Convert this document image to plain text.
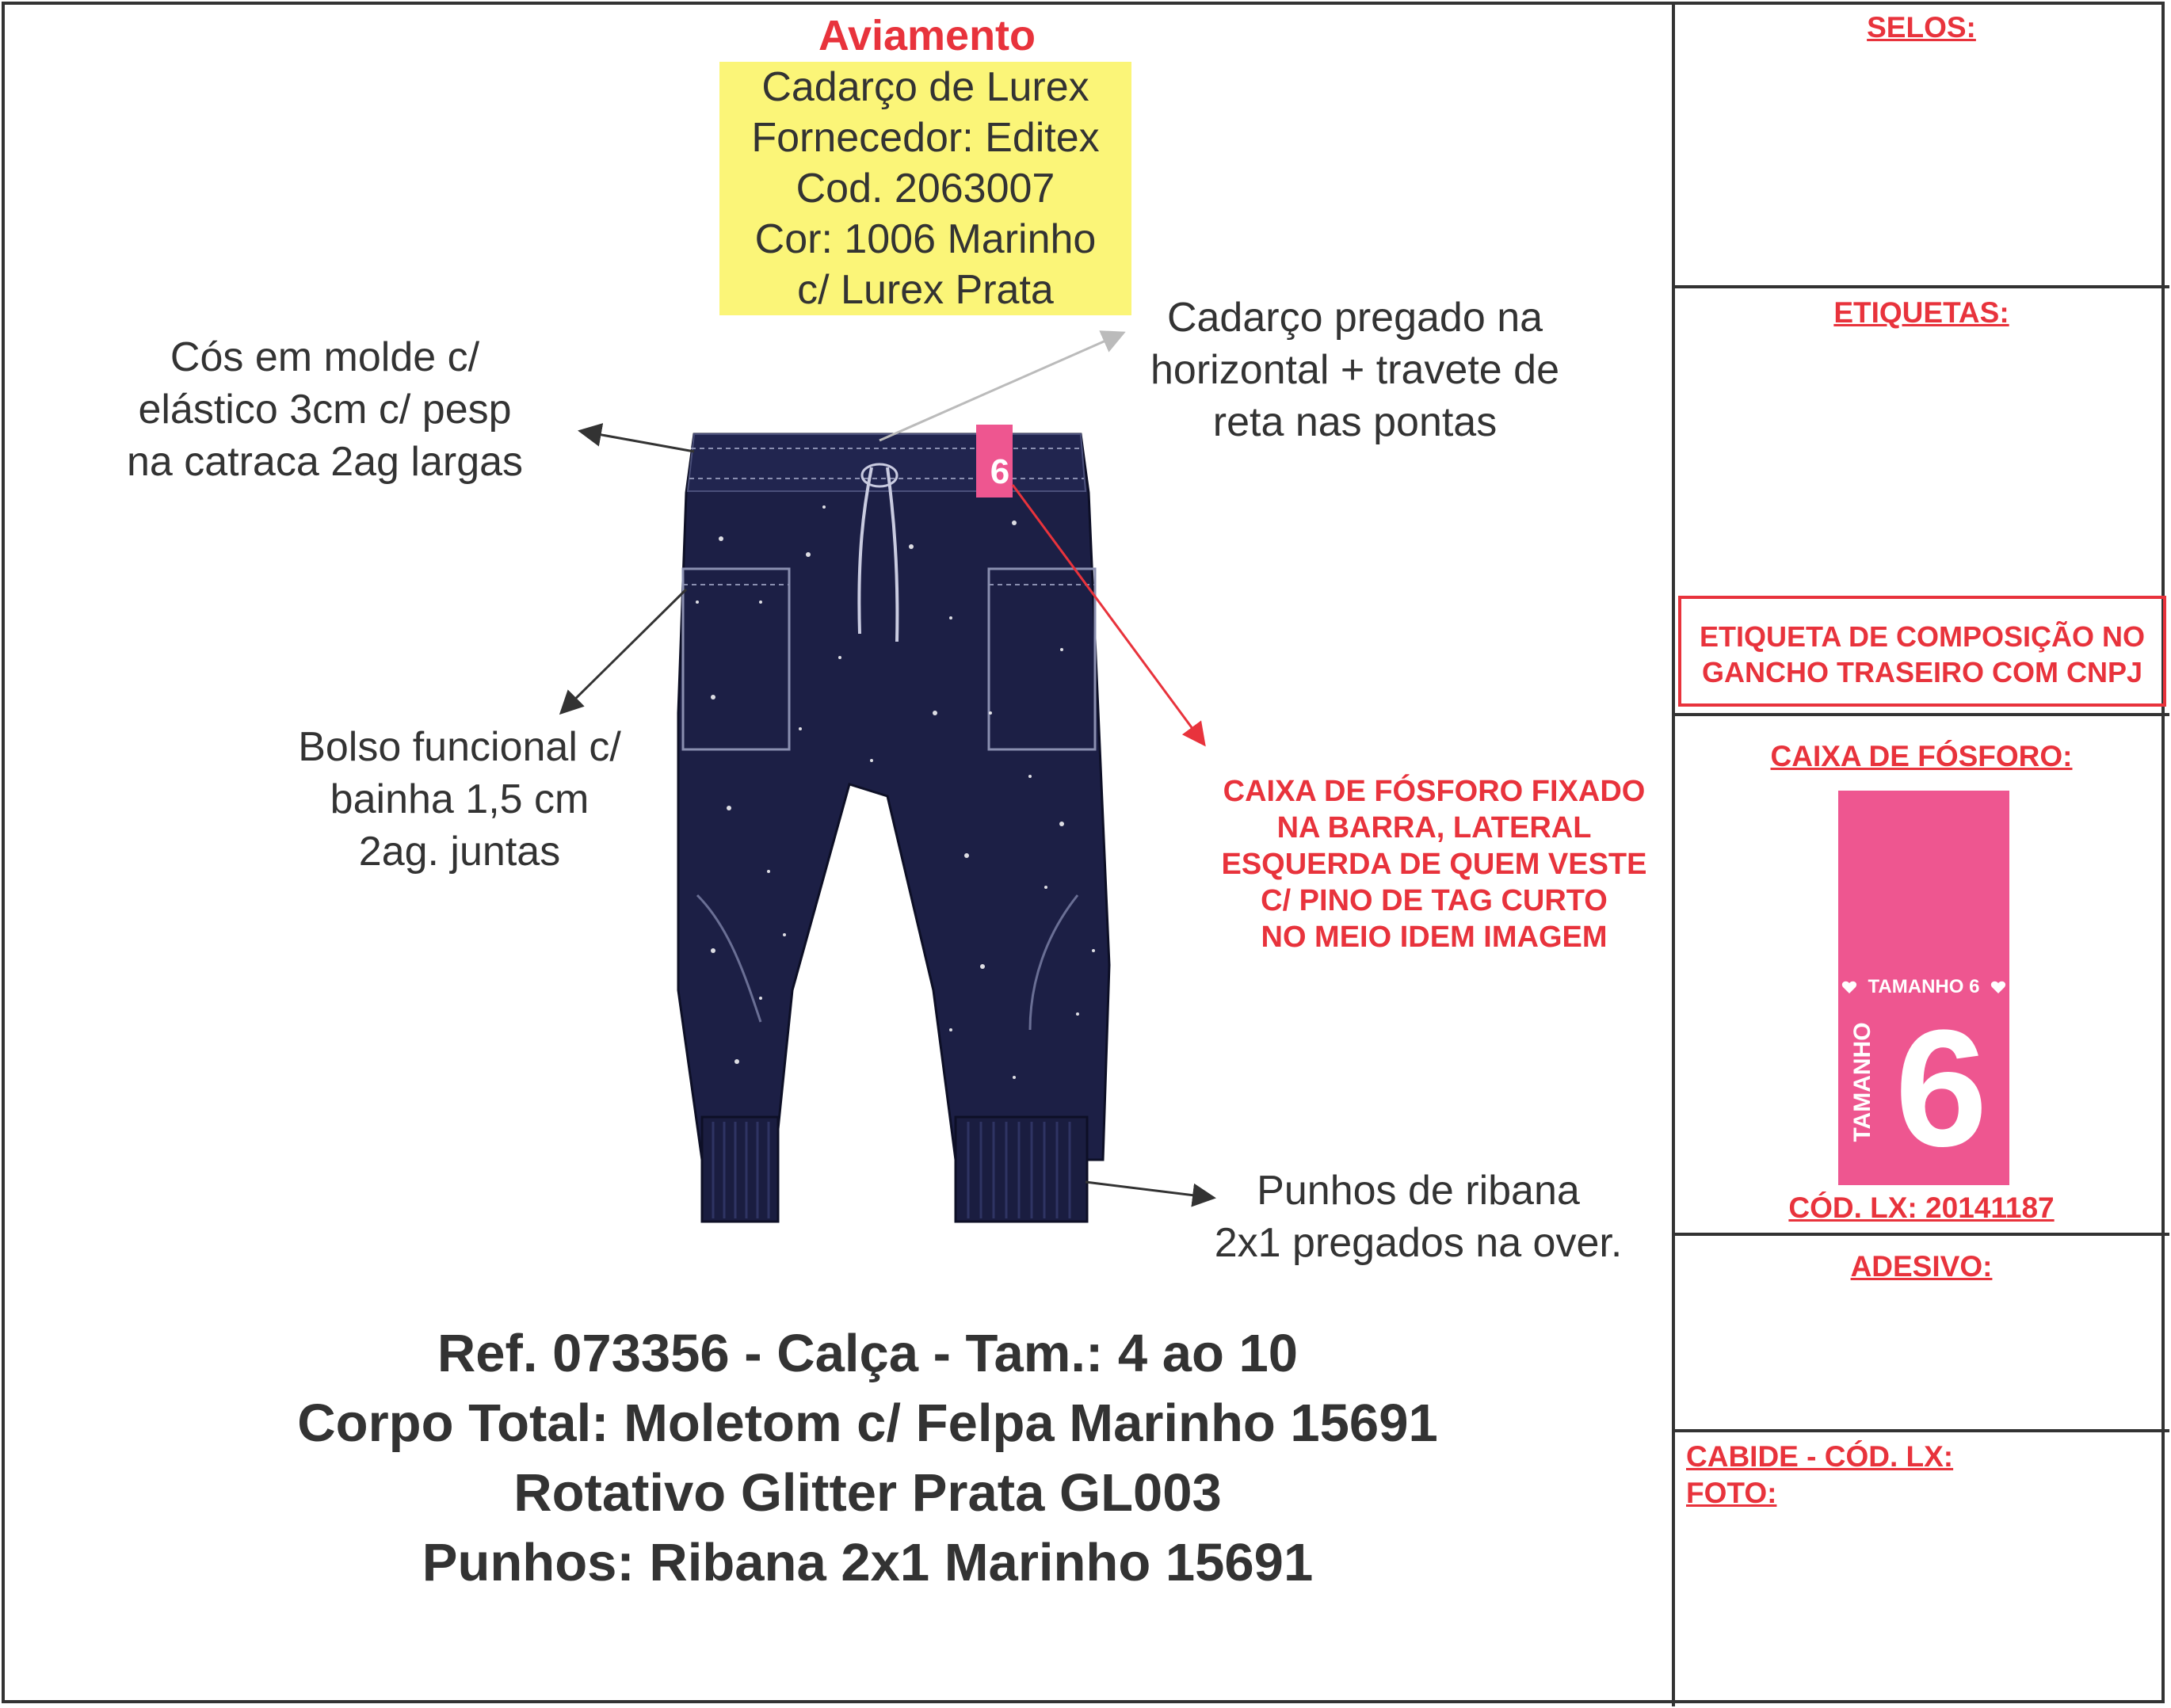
Aviamento
Cadarço de Lurex
Fornecedor: Editex
Cod. 2063007
Cor: 1006 Marinho
c/ Lurex Prata
Cós em molde c/
elástico 3cm c/ pesp
na catraca 2ag largas
Cadarço pregado na
horizontal + travete de
reta nas pontas
Bolso funcional c/
bainha 1,5 cm
2ag. juntas
Punhos de ribana
2x1 pregados na over.
CAIXA DE FÓSFORO FIXADO
NA BARRA, LATERAL
ESQUERDA DE QUEM VESTE
C/ PINO DE TAG CURTO
NO MEIO IDEM IMAGEM
Ref. 073356 - Calça - Tam.: 4 ao 10
Corpo Total: Moletom c/ Felpa Marinho 15691
Rotativo Glitter Prata GL003
Punhos: Ribana 2x1 Marinho 15691
SELOS:
ETIQUETAS:
ETIQUETA DE COMPOSIÇÃO NO
GANCHO TRASEIRO COM CNPJ
CAIXA DE FÓSFORO:
TAMANHO 6
TAMANHO 6
CÓD. LX: 20141187
ADESIVO:
CABIDE - CÓD. LX:
FOTO:
6
